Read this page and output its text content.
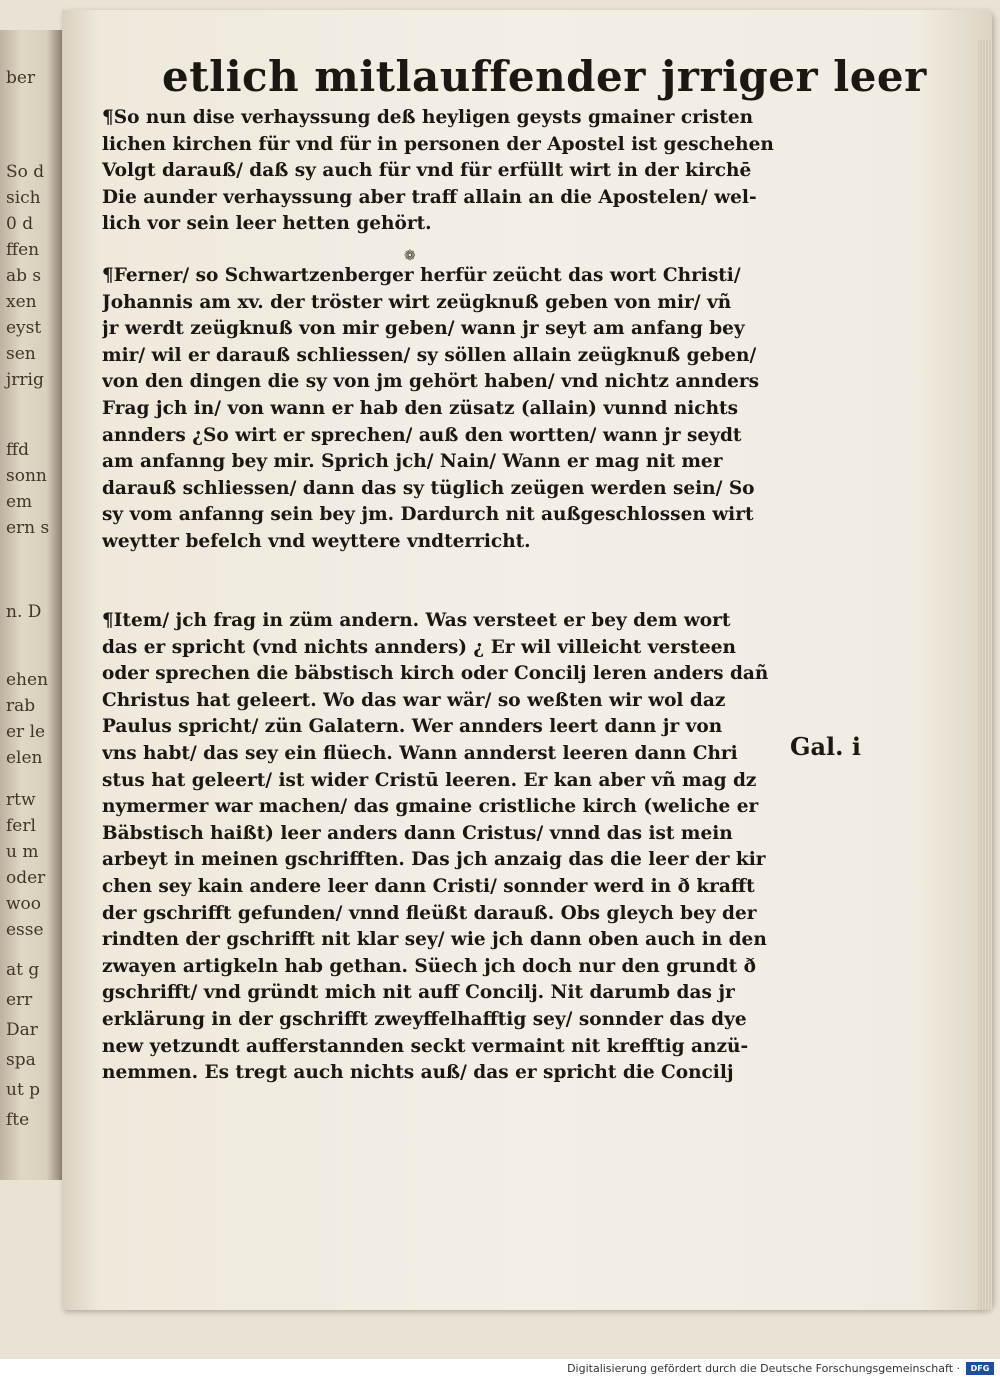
ber
So d
sich
0 d
ffen
ab s
xen
eyst
sen
jrrig
ffd
sonn
em
ern s
n. D
ehen
rab
er le
elen
rtw
ferl
u m
oder
woo
esse
at g
err
Dar
spa
ut p
fte
etlich mitlauffender jrriger leer
¶So nun dise verhayssung deß heyligen geysts gmainer cristen
lichen kirchen für vnd für in personen der Apostel ist geschehen
Volgt darauß/ daß sy auch für vnd für erfüllt wirt in der kirchē
Die aunder verhayssung aber traff allain an die Apostelen/ wel-
lich vor sein leer hetten gehört.
❁
¶Ferner/ so Schwartzenberger herfür zeücht das wort Christi/
Johannis am xv. der tröster wirt zeügknuß geben von mir/ vñ
jr werdt zeügknuß von mir geben/ wann jr seyt am anfang bey
mir/ wil er darauß schliessen/ sy söllen allain zeügknuß geben/
von den dingen die sy von jm gehört haben/ vnd nichtz annders
Frag jch in/ von wann er hab den züsatz (allain) vunnd nichts
annders ¿So wirt er sprechen/ auß den wortten/ wann jr seydt
am anfanng bey mir. Sprich jch/ Nain/ Wann er mag nit mer
darauß schliessen/ dann das sy tüglich zeügen werden sein/ So
sy vom anfanng sein bey jm. Dardurch nit außgeschlossen wirt
weytter befelch vnd weyttere vndterricht.
¶Item/ jch frag in züm andern. Was versteet er bey dem wort
das er spricht (vnd nichts annders) ¿ Er wil villeicht versteen
oder sprechen die bäbstisch kirch oder Concilj leren anders dañ
Christus hat geleert. Wo das war wär/ so weßten wir wol daz
Paulus spricht/ zün Galatern. Wer annders leert dann jr von
vns habt/ das sey ein flüech. Wann annderst leeren dann Chri
stus hat geleert/ ist wider Cristū leeren. Er kan aber vñ mag dz
nymermer war machen/ das gmaine cristliche kirch (weliche er
Bäbstisch haißt) leer anders dann Cristus/ vnnd das ist mein
arbeyt in meinen gschrifften. Das jch anzaig das die leer der kir
chen sey kain andere leer dann Cristi/ sonnder werd in ð krafft
der gschrifft gefunden/ vnnd fleüßt darauß. Obs gleych bey der
rindten der gschrifft nit klar sey/ wie jch dann oben auch in den
zwayen artigkeln hab gethan. Süech jch doch nur den grundt ð
gschrifft/ vnd gründt mich nit auff Concilj. Nit darumb das jr
erklärung in der gschrifft zweyffelhafftig sey/ sonnder das dye
new yetzundt aufferstannden seckt vermaint nit krefftig anzü-
nemmen. Es tregt auch nichts auß/ das er spricht die Concilj
Gal. i
Digitalisierung gefördert durch die Deutsche Forschungsgemeinschaft ·	DFG
